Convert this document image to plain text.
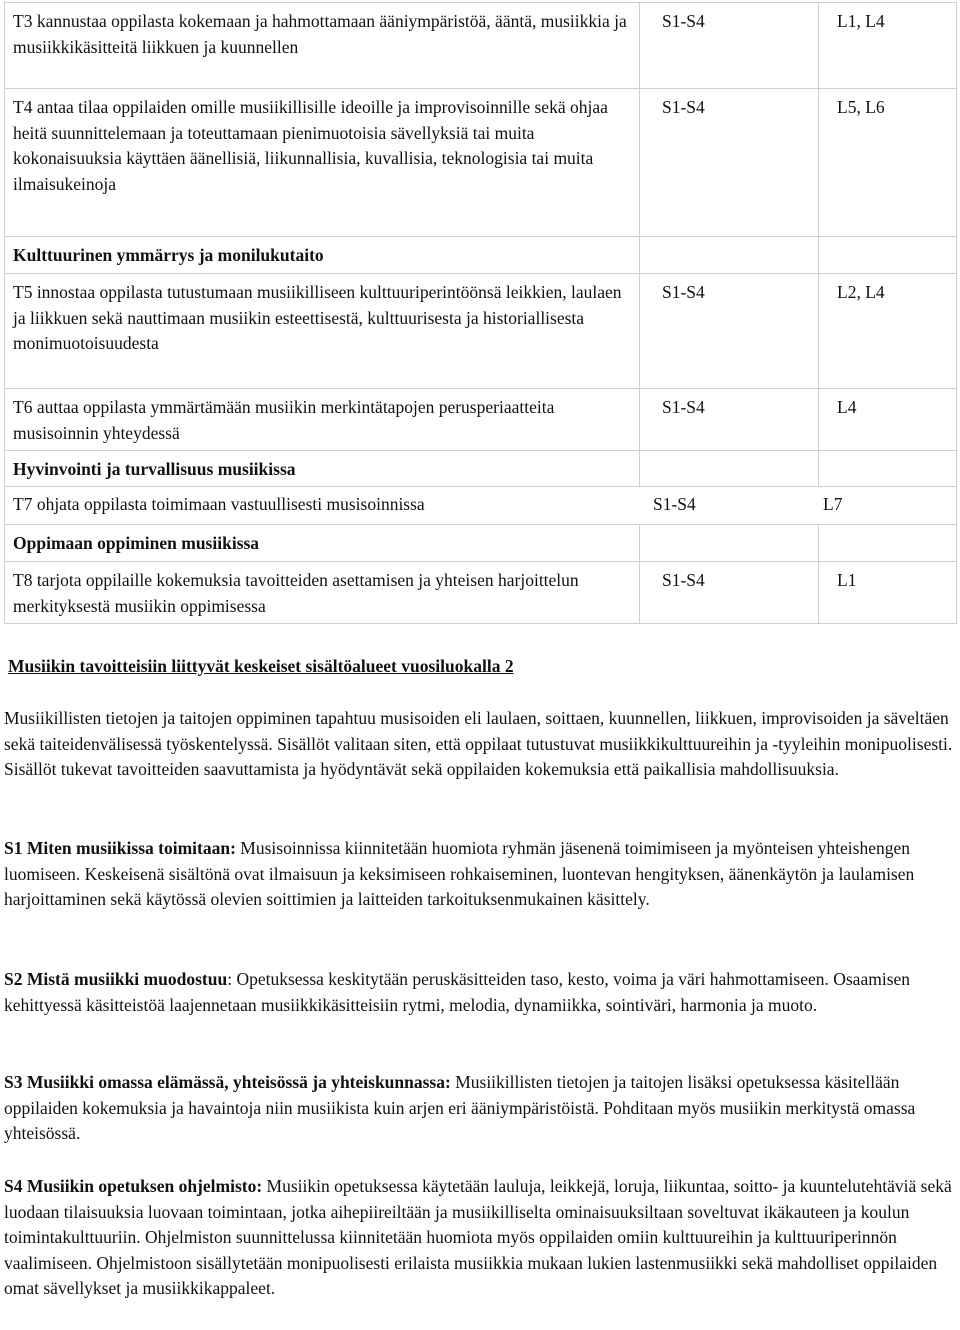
T3 kannustaa oppilasta kokemaan ja hahmottamaan ääniympäristöä, ääntä, musiikkia ja musiikkikäsitteitä liikkuen ja kuunnellen	S1-S4	L1, L4
T4 antaa tilaa oppilaiden omille musiikillisille ideoille ja improvisoinnille sekä ohjaa heitä suunnittelemaan ja toteuttamaan pienimuotoisia sävellyksiä tai muita kokonaisuuksia käyttäen äänellisiä, liikunnallisia, kuvallisia, teknologisia tai muita ilmaisukeinoja	S1-S4	L5, L6
Kulttuurinen ymmärrys ja monilukutaito		
T5 innostaa oppilasta tutustumaan musiikilliseen kulttuuriperintöönsä leikkien, laulaen ja liikkuen sekä nauttimaan musiikin esteettisestä, kulttuurisesta ja historiallisesta monimuotoisuudesta	S1-S4	L2, L4
T6 auttaa oppilasta ymmärtämään musiikin merkintätapojen perusperiaatteita musisoinnin yhteydessä	S1-S4	L4
Hyvinvointi ja turvallisuus musiikissa		

T7 ohjata oppilasta toimimaan vastuullisesti musisoinnissa S1-S4 L7		

Oppimaan oppiminen musiikissa		
T8 tarjota oppilaille kokemuksia tavoitteiden asettamisen ja yhteisen harjoittelun merkityksestä musiikin oppimisessa	S1-S4	L1

Musiikin tavoitteisiin liittyvät keskeiset sisältöalueet vuosiluokalla 2

Musiikillisten tietojen ja taitojen oppiminen tapahtuu musisoiden eli laulaen, soittaen, kuunnellen, liikkuen, improvisoiden ja säveltäen sekä taiteidenvälisessä työskentelyssä. Sisällöt valitaan siten, että oppilaat tutustuvat musiikkikulttuureihin ja -tyyleihin monipuolisesti. Sisällöt tukevat tavoitteiden saavuttamista ja hyödyntävät sekä oppilaiden kokemuksia että paikallisia mahdollisuuksia.

S1 Miten musiikissa toimitaan: Musisoinnissa kiinnitetään huomiota ryhmän jäsenenä toimimiseen ja myönteisen yhteishengen luomiseen. Keskeisenä sisältönä ovat ilmaisuun ja keksimiseen rohkaiseminen, luontevan hengityksen, äänenkäytön ja laulamisen harjoittaminen sekä käytössä olevien soittimien ja laitteiden tarkoituksenmukainen käsittely.

S2 Mistä musiikki muodostuu: Opetuksessa keskitytään peruskäsitteiden taso, kesto, voima ja väri hahmottamiseen. Osaamisen kehittyessä käsitteistöä laajennetaan musiikkikäsitteisiin rytmi, melodia, dynamiikka, sointiväri, harmonia ja muoto.

S3 Musiikki omassa elämässä, yhteisössä ja yhteiskunnassa: Musiikillisten tietojen ja taitojen lisäksi opetuksessa käsitellään oppilaiden kokemuksia ja havaintoja niin musiikista kuin arjen eri ääniympäristöistä. Pohditaan myös musiikin merkitystä omassa yhteisössä.

S4 Musiikin opetuksen ohjelmisto: Musiikin opetuksessa käytetään lauluja, leikkejä, loruja, liikuntaa, soitto- ja kuuntelutehtäviä sekä luodaan tilaisuuksia luovaan toimintaan, jotka aihepiireiltään ja musiikilliselta ominaisuuksiltaan soveltuvat ikäkauteen ja koulun toimintakulttuuriin. Ohjelmiston suunnittelussa kiinnitetään huomiota myös oppilaiden omiin kulttuureihin ja kulttuuriperinnön vaalimiseen. Ohjelmistoon sisällytetään monipuolisesti erilaista musiikkia mukaan lukien lastenmusiikki sekä mahdolliset oppilaiden omat sävellykset ja musiikkikappaleet.
